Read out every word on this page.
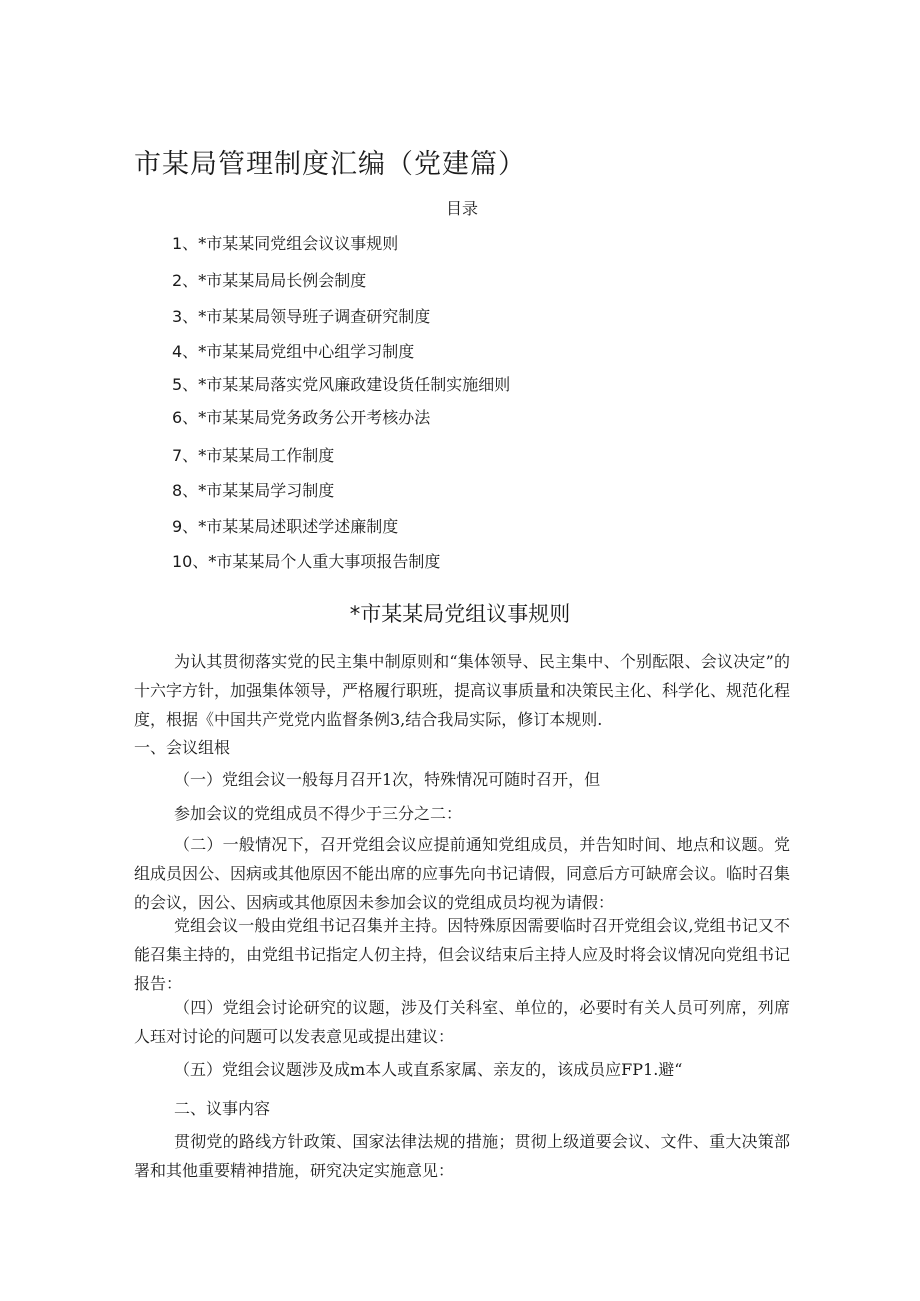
市某局管理制度汇编（党建篇）
目录
1、*市某某同党组会议议事规则
2、*市某某局局长例会制度
3、*市某某局领导班子调查研究制度
4、*市某某局党组中心组学习制度
5、*市某某局落实党风廉政建设货任制实施细则
6、*市某某局党务政务公开考核办法
7、*市某某局工作制度
8、*市某某局学习制度
9、*市某某局述职述学述廉制度
10、*市某某局个人重大事项报告制度
*市某某局党组议事规则
为认其贯彻落实党的民主集中制原则和“集体领导、民主集中、个别酝限、会议决定”的十六字方针，加强集体领导，严格履行职班，提高议事质量和决策民主化、科学化、规范化程度，根据《中国共产党党内监督条例3,结合我局实际，修订本规则.
一、会议组根
（一）党组会议一般每月召开1次，特殊情况可随时召开，但
参加会议的党组成员不得少于三分之二：
（二）一般情况下，召开党组会议应提前通知党组成员，并告知时间、地点和议题。党组成员因公、因病或其他原因不能出席的应事先向书记请假，同意后方可缺席会议。临时召集的会议，因公、因病或其他原因未参加会议的党组成员均视为请假：
党组会议一般由党组书记召集并主持。因特殊原因需要临时召开党组会议,党组书记又不能召集主持的，由党组书记指定人仞主持，但会议结束后主持人应及时将会议情况向党组书记报告：
（四）党组会讨论研究的议题，涉及仃关科室、单位的，必要时有关人员可列席，列席人珏对讨论的问题可以发表意见或提出建议：
（五）党组会议题涉及成m本人或直系家属、亲友的，该成员应FP1.避“
二、议事内容
贯彻党的路线方针政策、国家法律法规的措施；贯彻上级道要会议、文件、重大决策部署和其他重要精神措施，研究决定实施意见：
